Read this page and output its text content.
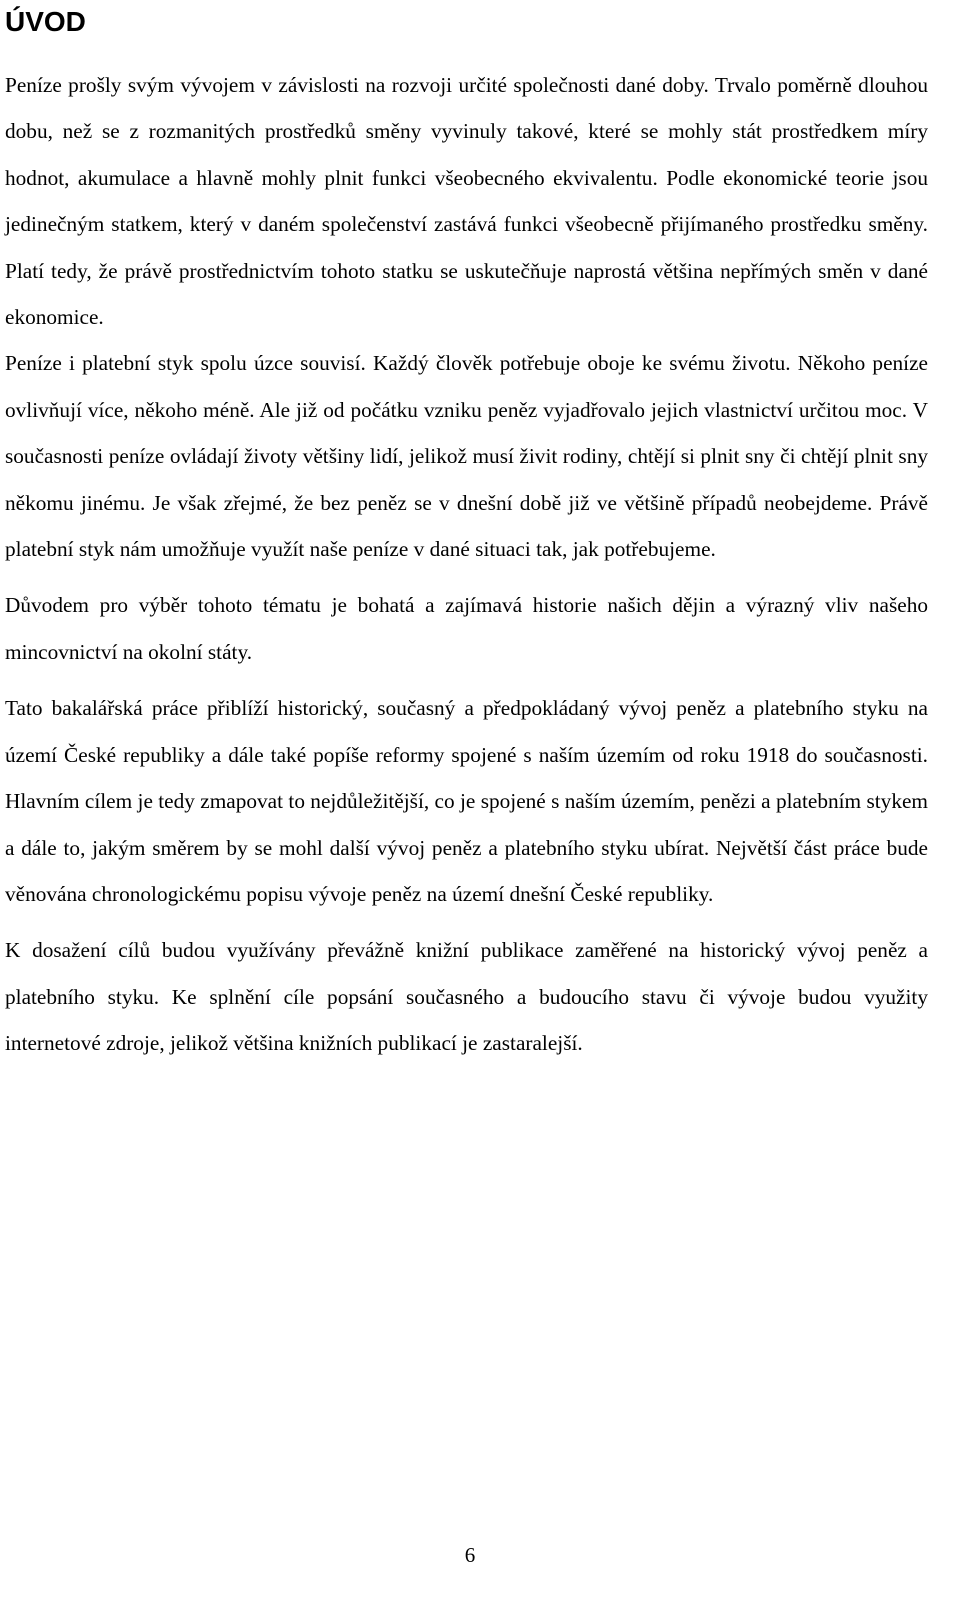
ÚVOD

Peníze prošly svým vývojem v závislosti na rozvoji určité společnosti dané doby. Trvalo poměrně dlouhou dobu, než se z rozmanitých prostředků směny vyvinuly takové, které se mohly stát prostředkem míry hodnot, akumulace a hlavně mohly plnit funkci všeobecného ekvivalentu. Podle ekonomické teorie jsou jedinečným statkem, který v daném společenství zastává funkci všeobecně přijímaného prostředku směny. Platí tedy, že právě prostřednictvím tohoto statku se uskutečňuje naprostá většina nepřímých směn v dané ekonomice.

Peníze i platební styk spolu úzce souvisí. Každý člověk potřebuje oboje ke svému životu. Někoho peníze ovlivňují více, někoho méně. Ale již od počátku vzniku peněz vyjadřovalo jejich vlastnictví určitou moc. V současnosti peníze ovládají životy většiny lidí, jelikož musí živit rodiny, chtějí si plnit sny či chtějí plnit sny někomu jinému. Je však zřejmé, že bez peněz se v dnešní době již ve většině případů neobejdeme. Právě platební styk nám umožňuje využít naše peníze v dané situaci tak, jak potřebujeme.

Důvodem pro výběr tohoto tématu je bohatá a zajímavá historie našich dějin a výrazný vliv našeho mincovnictví na okolní státy.

Tato bakalářská práce přiblíží historický, současný a předpokládaný vývoj peněz a platebního styku na území České republiky a dále také popíše reformy spojené s naším územím od roku 1918 do současnosti. Hlavním cílem je tedy zmapovat to nejdůležitější, co je spojené s naším územím, penězi a platebním stykem a dále to, jakým směrem by se mohl další vývoj peněz a platebního styku ubírat. Největší část práce bude věnována chronologickému popisu vývoje peněz na území dnešní České republiky.

K dosažení cílů budou využívány převážně knižní publikace zaměřené na historický vývoj peněz a platebního styku. Ke splnění cíle popsání současného a budoucího stavu či vývoje budou využity internetové zdroje, jelikož většina knižních publikací je zastaralejší.

6
